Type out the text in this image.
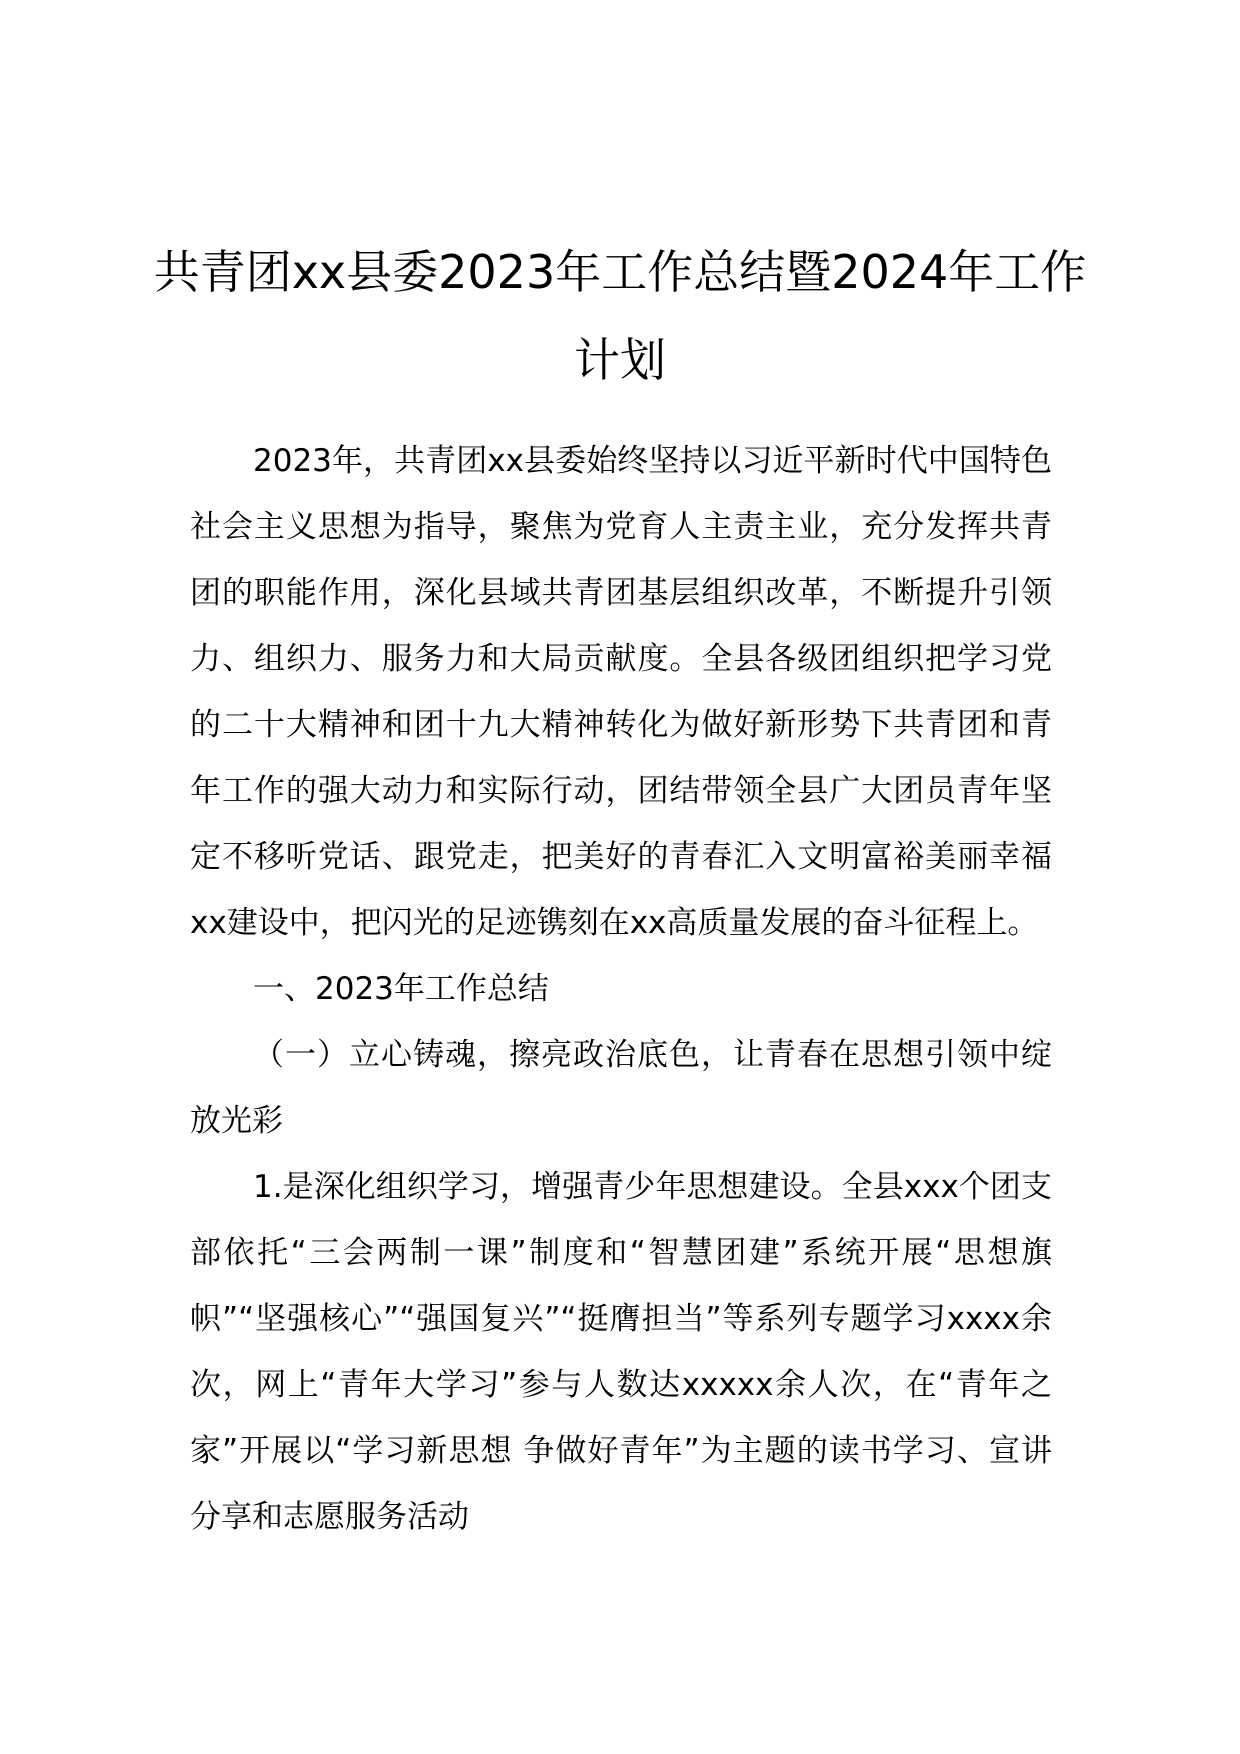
共青团xx县委2023年工作总结暨2024年工作计划

2023年，共青团xx县委始终坚持以习近平新时代中国特色社会主义思想为指导，聚焦为党育人主责主业，充分发挥共青团的职能作用，深化县域共青团基层组织改革，不断提升引领力、组织力、服务力和大局贡献度。全县各级团组织把学习党的二十大精神和团十九大精神转化为做好新形势下共青团和青年工作的强大动力和实际行动，团结带领全县广大团员青年坚定不移听党话、跟党走，把美好的青春汇入文明富裕美丽幸福xx建设中，把闪光的足迹镌刻在xx高质量发展的奋斗征程上。

一、2023年工作总结

（一）立心铸魂，擦亮政治底色，让青春在思想引领中绽放光彩

1.是深化组织学习，增强青少年思想建设。全县xxx个团支部依托“三会两制一课”制度和“智慧团建”系统开展“思想旗帜”“坚强核心”“强国复兴”“挺膺担当”等系列专题学习xxxx余次，网上“青年大学习”参与人数达xxxxx余人次，在“青年之家”开展以“学习新思想 争做好青年”为主题的读书学习、宣讲分享和志愿服务活动
